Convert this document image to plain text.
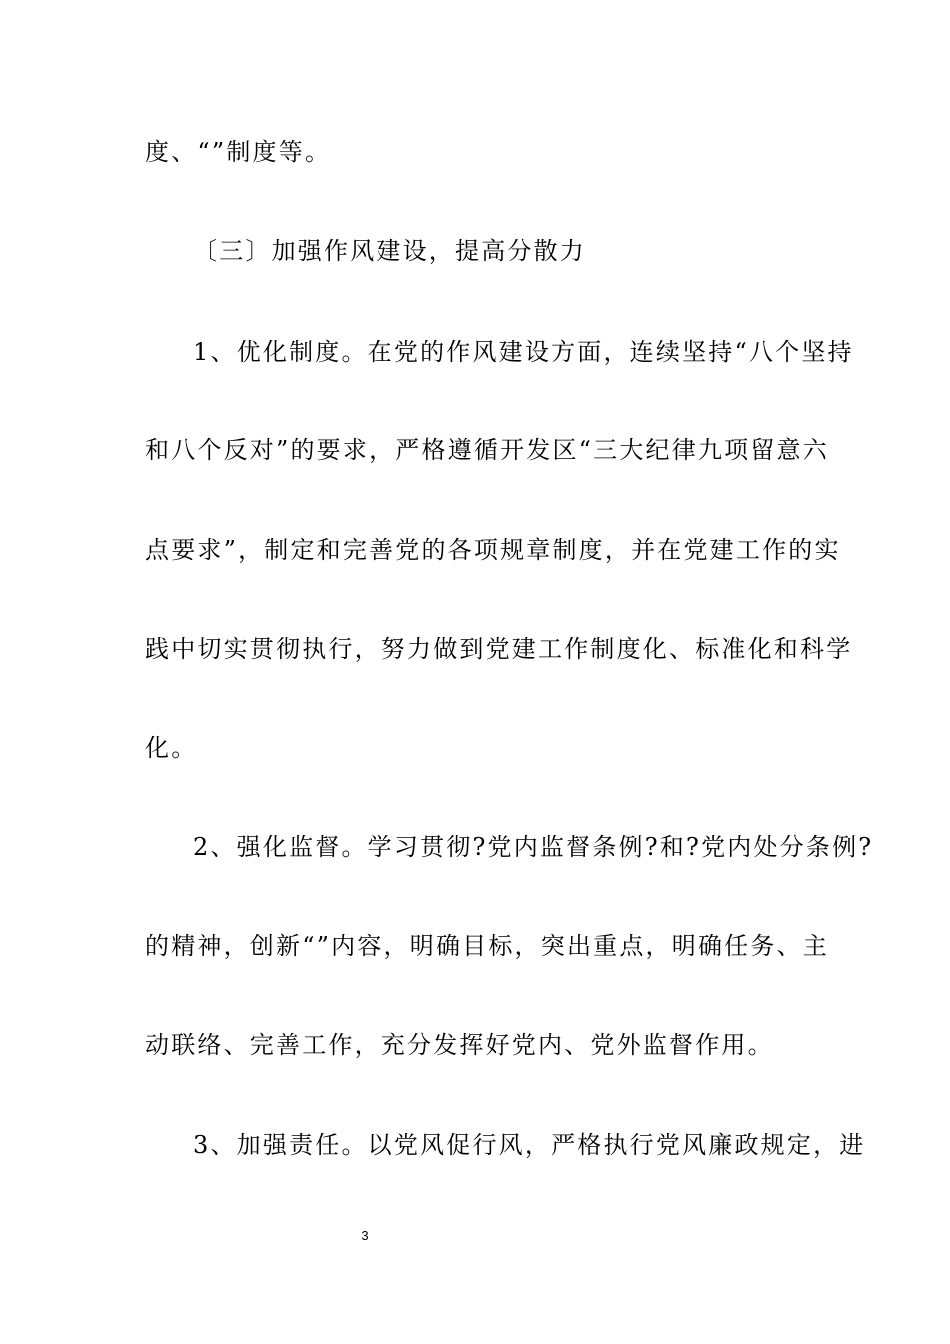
度、“”制度等。
〔三〕加强作风建设，提高分散力
1、优化制度。在党的作风建设方面，连续坚持“八个坚持
和八个反对”的要求，严格遵循开发区“三大纪律九项留意六
点要求”，制定和完善党的各项规章制度，并在党建工作的实
践中切实贯彻执行，努力做到党建工作制度化、标准化和科学
化。
2、强化监督。学习贯彻?党内监督条例?和?党内处分条例?
的精神，创新“”内容，明确目标，突出重点，明确任务、主
动联络、完善工作，充分发挥好党内、党外监督作用。
3、加强责任。以党风促行风，严格执行党风廉政规定，进
3
